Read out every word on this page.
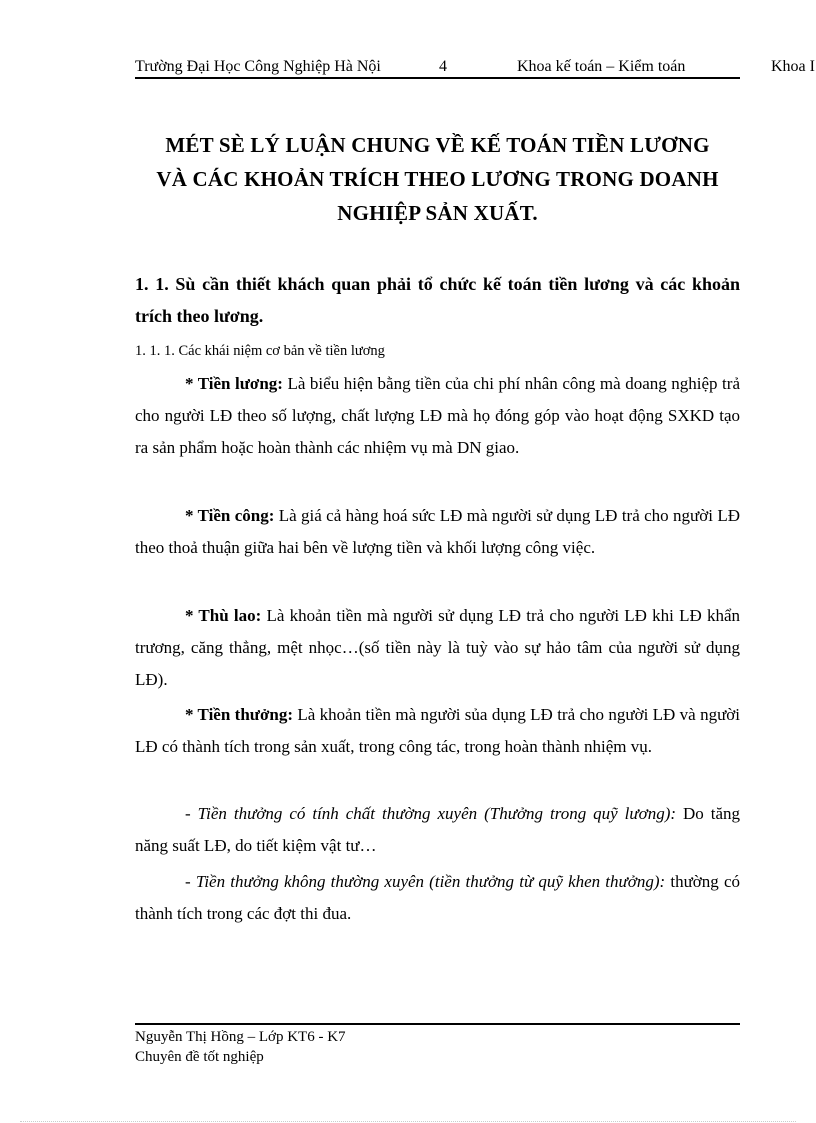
Trường Đại Học Công Nghiệp Hà Nội	4	Khoa kế toán – Kiểm toán	Khoa I
MÉT SÈ LÝ LUẬN CHUNG VỀ KẾ TOÁN TIỀN LƯƠNG
VÀ CÁC KHOẢN TRÍCH THEO LƯƠNG TRONG DOANH
NGHIỆP SẢN XUẤT.
1. 1. Sù cần thiết khách quan phải tổ chức kế toán tiền lương và các khoản trích theo lương.
1. 1. 1. Các khái niệm cơ bản về tiền lương
* Tiền lương: Là biểu hiện bằng tiền của chi phí nhân công mà doang nghiệp trả cho người LĐ theo số lượng, chất lượng LĐ mà họ đóng góp vào hoạt động SXKD tạo ra sản phẩm hoặc hoàn thành các nhiệm vụ mà DN giao.
* Tiền công: Là giá cả hàng hoá sức LĐ mà người sử dụng LĐ trả cho người LĐ theo thoả thuận giữa hai bên về lượng tiền và khối lượng công việc.
* Thù lao: Là khoản tiền mà người sử dụng LĐ trả cho người LĐ khi LĐ khẩn trương, căng thẳng, mệt nhọc…(số tiền này là tuỳ vào sự hảo tâm của người sử dụng LĐ).
* Tiền thưởng: Là khoản tiền mà người sủa dụng LĐ trả cho người LĐ và người LĐ có thành tích trong sản xuất, trong công tác, trong hoàn thành nhiệm vụ.
- Tiền thưởng có tính chất thường xuyên (Thưởng trong quỹ lương): Do tăng năng suất LĐ, do tiết kiệm vật tư…
- Tiền thưởng không thường xuyên (tiền thưởng từ quỹ khen thưởng): thường có thành tích trong các đợt thi đua.
Nguyễn Thị Hồng – Lớp KT6 - K7
Chuyên đề tốt nghiệp
